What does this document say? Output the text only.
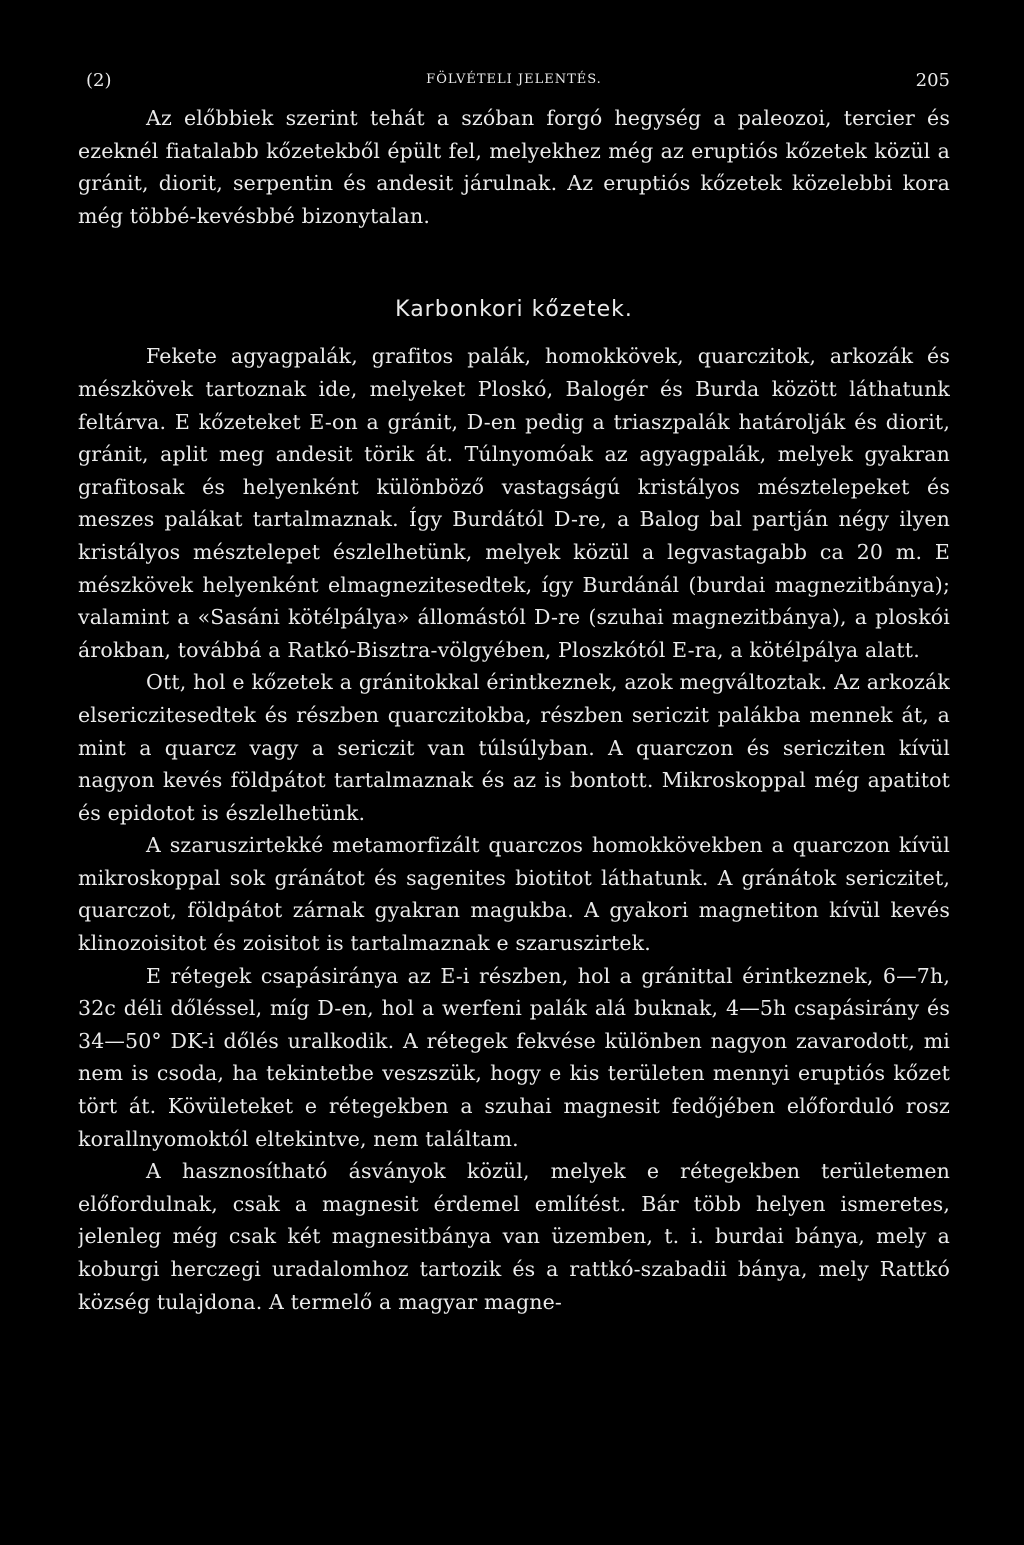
(2)	FÖLVÉTELI JELENTÉS.	205

Az előbbiek szerint tehát a szóban forgó hegység a paleozoi, tercier és ezeknél fiatalabb kőzetekből épült fel, melyekhez még az eruptiós kőzetek közül a gránit, diorit, serpentin és andesit járulnak. Az eruptiós kőzetek közelebbi kora még többé-kevésbbé bizonytalan.

Karbonkori kőzetek.

Fekete agyagpalák, grafitos palák, homokkövek, quarczitok, arkozák és mészkövek tartoznak ide, melyeket Ploskó, Balogér és Burda között láthatunk feltárva. E kőzeteket E-on a gránit, D-en pedig a triaszpalák határolják és diorit, gránit, aplit meg andesit törik át. Túlnyomóak az agyagpalák, melyek gyakran grafitosak és helyenként különböző vastagságú kristályos mésztelepeket és meszes palákat tartalmaznak. Így Burdától D-re, a Balog bal partján négy ilyen kristályos mésztelepet észlelhetünk, melyek közül a legvastagabb ca 20 m. E mészkövek helyenként elmagnezitesedtek, így Burdánál (burdai magnezitbánya); valamint a «Sasáni kötélpálya» állomástól D-re (szuhai magnezitbánya), a ploskói árokban, továbbá a Ratkó-Bisztra-völgyében, Ploszkótól E-ra, a kötélpálya alatt.

Ott, hol e kőzetek a gránitokkal érintkeznek, azok megváltoztak. Az arkozák elsericzitesedtek és részben quarczitokba, részben sericzit palákba mennek át, a mint a quarcz vagy a sericzit van túlsúlyban. A quarczon és sericziten kívül nagyon kevés földpátot tartalmaznak és az is bontott. Mikroskoppal még apatitot és epidotot is észlelhetünk.

A szaruszirtekké metamorfizált quarczos homokkövekben a quarczon kívül mikroskoppal sok gránátot és sagenites biotitot láthatunk. A gránátok sericzitet, quarczot, földpátot zárnak gyakran magukba. A gyakori magnetiton kívül kevés klinozoisitot és zoisitot is tartalmaznak e szaruszirtek.

E rétegek csapásiránya az E-i részben, hol a gránittal érintkeznek, 6—7h, 32c déli dőléssel, míg D-en, hol a werfeni palák alá buknak, 4—5h csapásirány és 34—50° DK-i dőlés uralkodik. A rétegek fekvése különben nagyon zavarodott, mi nem is csoda, ha tekintetbe veszszük, hogy e kis területen mennyi eruptiós kőzet tört át. Kövületeket e rétegekben a szuhai magnesit fedőjében előforduló rosz korallnyomoktól eltekintve, nem találtam.

A hasznosítható ásványok közül, melyek e rétegekben területemen előfordulnak, csak a magnesit érdemel említést. Bár több helyen ismeretes, jelenleg még csak két magnesitbánya van üzemben, t. i. burdai bánya, mely a koburgi herczegi uradalomhoz tartozik és a rattkó-szabadii bánya, mely Rattkó község tulajdona. A termelő a magyar magne-
